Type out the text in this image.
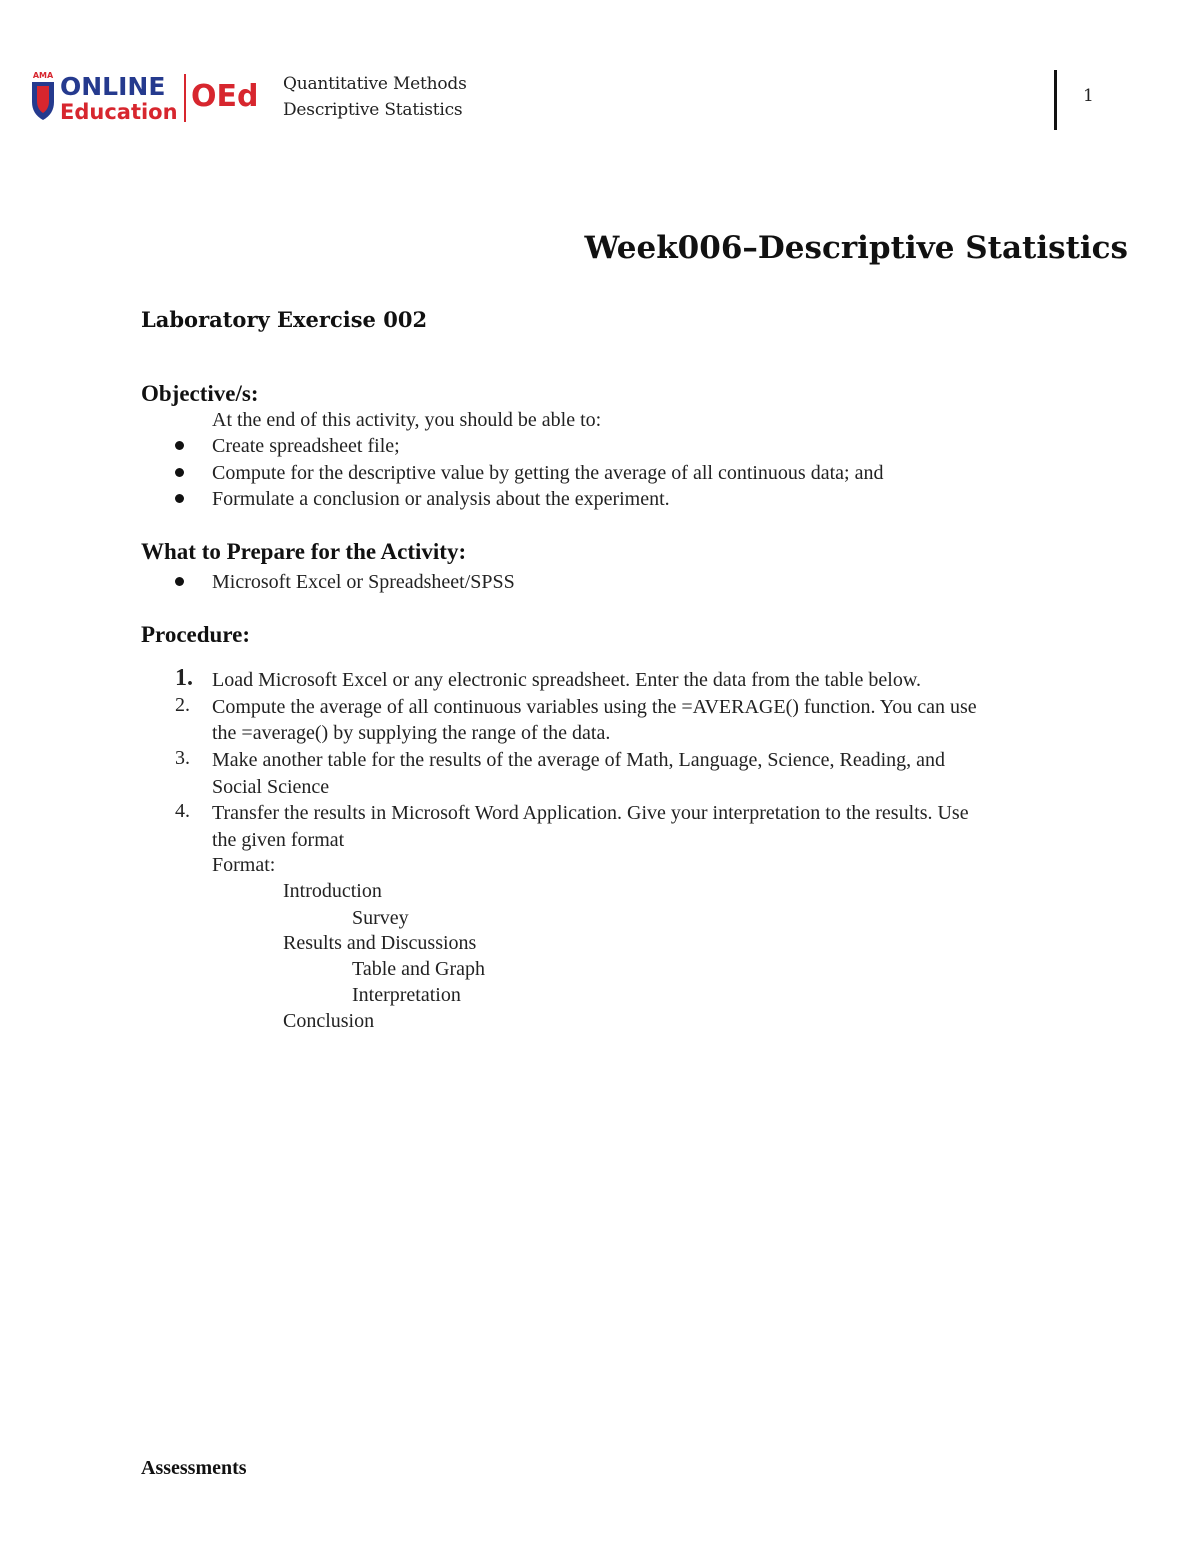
AMA ONLINE
Education OEd Quantitative Methods
Descriptive Statistics
1
Week006–Descriptive Statistics
Laboratory Exercise 002
Objective/s:
At the end of this activity, you should be able to:
Create spreadsheet file;
Compute for the descriptive value by getting the average of all continuous data; and
Formulate a conclusion or analysis about the experiment.
What to Prepare for the Activity:
Microsoft Excel or Spreadsheet/SPSS
Procedure:
1. Load Microsoft Excel or any electronic spreadsheet. Enter the data from the table below.
2. Compute the average of all continuous variables using the =AVERAGE() function. You can use
the =average() by supplying the range of the data.
3. Make another table for the results of the average of Math, Language, Science, Reading, and
Social Science
4. Transfer the results in Microsoft Word Application. Give your interpretation to the results. Use
the given format
Format:
Introduction
Survey
Results and Discussions
Table and Graph
Interpretation
Conclusion
Assessments
